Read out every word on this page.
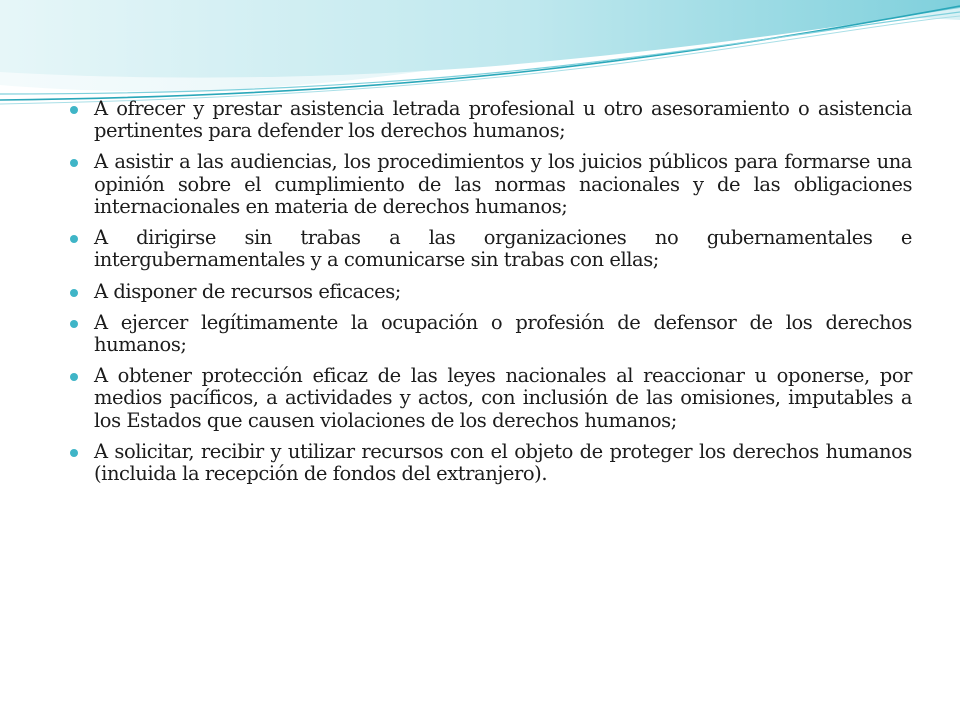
A ofrecer y prestar asistencia letrada profesional u otro asesoramiento o asistencia pertinentes para defender los derechos humanos;
A asistir a las audiencias, los procedimientos y los juicios públicos para formarse una opinión sobre el cumplimiento de las normas nacionales y de las obligaciones internacionales en materia de derechos humanos;
A dirigirse sin trabas a las organizaciones no gubernamentales e intergubernamentales y a comunicarse sin trabas con ellas;
A disponer de recursos eficaces;
A ejercer legítimamente la ocupación o profesión de defensor de los derechos humanos;
A obtener protección eficaz de las leyes nacionales al reaccionar u oponerse, por medios pacíficos, a actividades y actos, con inclusión de las omisiones, imputables a los Estados que causen violaciones de los derechos humanos;
A solicitar, recibir y utilizar recursos con el objeto de proteger los derechos humanos (incluida la recepción de fondos del extranjero).
